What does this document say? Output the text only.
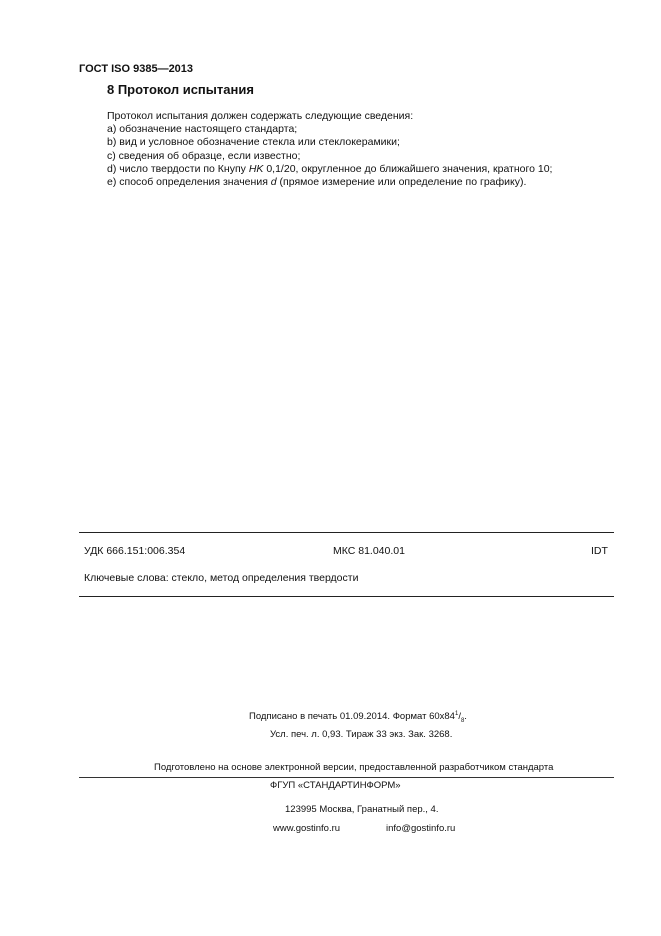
ГОСТ ISO 9385—2013
8 Протокол испытания
Протокол испытания должен содержать следующие сведения:
a) обозначение настоящего стандарта;
b) вид и условное обозначение стекла или стеклокерамики;
c) сведения об образце, если известно;
d) число твердости по Кнупу HK 0,1/20, округленное до ближайшего значения, кратного 10;
e) способ определения значения d (прямое измерение или определение по графику).
УДК 666.151:006.354	МКС 81.040.01	IDT
Ключевые слова: стекло, метод определения твердости
Подписано в печать 01.09.2014. Формат $60x84^1/_8$.
Усл. печ. л. 0,93. Тираж 33 экз. Зак. 3268.
Подготовлено на основе электронной версии, предоставленной разработчиком стандарта
ФГУП «СТАНДАРТИНФОРМ»
123995 Москва, Гранатный пер., 4.
www.gostinfo.ru	info@gostinfo.ru
